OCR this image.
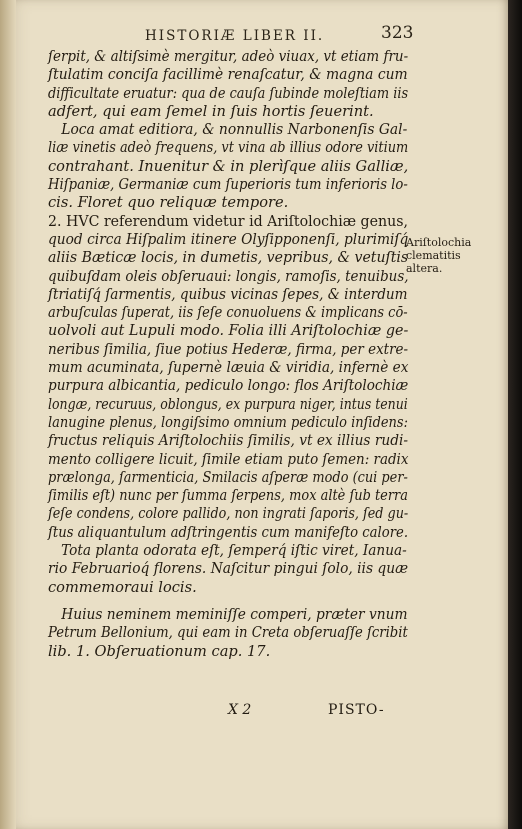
HISTORIÆ LIBER II.	323
ſerpit, & altiſsimè mergitur, adeò viuax, vt etiam fru-
ſtulatim conciſa facillimè renaſcatur, & magna cum
difficultate eruatur: qua de cauſa ſubinde moleſtiam iis
adfert, qui eam ſemel in ſuis hortis ſeuerint.
Loca amat editiora, & nonnullis Narbonenſis Gal-
liæ vinetis adeò frequens, vt vina ab illius odore vitium
contrahant. Inuenitur & in plerìſque aliis Galliæ,
Hiſpaniæ, Germaniæ cum ſuperioris tum inferioris lo-
cis. Floret quo reliquæ tempore.
2. HVC referendum videtur id Ariſtolochiæ genus,
quod circa Hiſpalim itinere Olyſipponenſi, plurimiſq́
aliis Bæticæ locis, in dumetis, vepribus, & vetuſtis
quibuſdam oleis obſeruaui: longis, ramoſis, tenuibus,
ſtriatiſq́ ſarmentis, quibus vicinas ſepes, & interdum
arbuſculas ſuperat, iis ſeſe conuoluens & implicans cō-
uolvoli aut Lupuli modo. Folia illi Ariſtolochiæ ge-
neribus ſimilia, ſiue potius Hederæ, firma, per extre-
mum acuminata, ſupernè læuia & viridia, infernè ex
purpura albicantia, pediculo longo: flos Ariſtolochiæ
longæ, recuruus, oblongus, ex purpura niger, intus tenui
lanugine plenus, longiſsimo omnium pediculo inſidens:
fructus reliquis Ariſtolochiis ſimilis, vt ex illius rudi-
mento colligere licuit, ſimile etiam puto ſemen: radix
prælonga, ſarmenticia, Smilacis aſperæ modo (cui per-
ſimilis eſt) nunc per ſumma ſerpens, mox altè ſub terra
ſeſe condens, colore pallido, non ingrati ſaporis, ſed gu-
ſtus aliquantulum adſtringentis cum manifeſto calore.
Tota planta odorata eſt, ſemperq́ iſtic viret, Ianua-
rio Februarioq́ florens. Naſcitur pingui ſolo, iis quæ
commemoraui locis.
Huius neminem meminiſſe comperi, præter vnum
Petrum Bellonium, qui eam in Creta obſeruaſſe ſcribit
lib. 1. Obſeruationum cap. 17.
Ariſtolochia
clematitis
altera.
X 2	PISTO-
